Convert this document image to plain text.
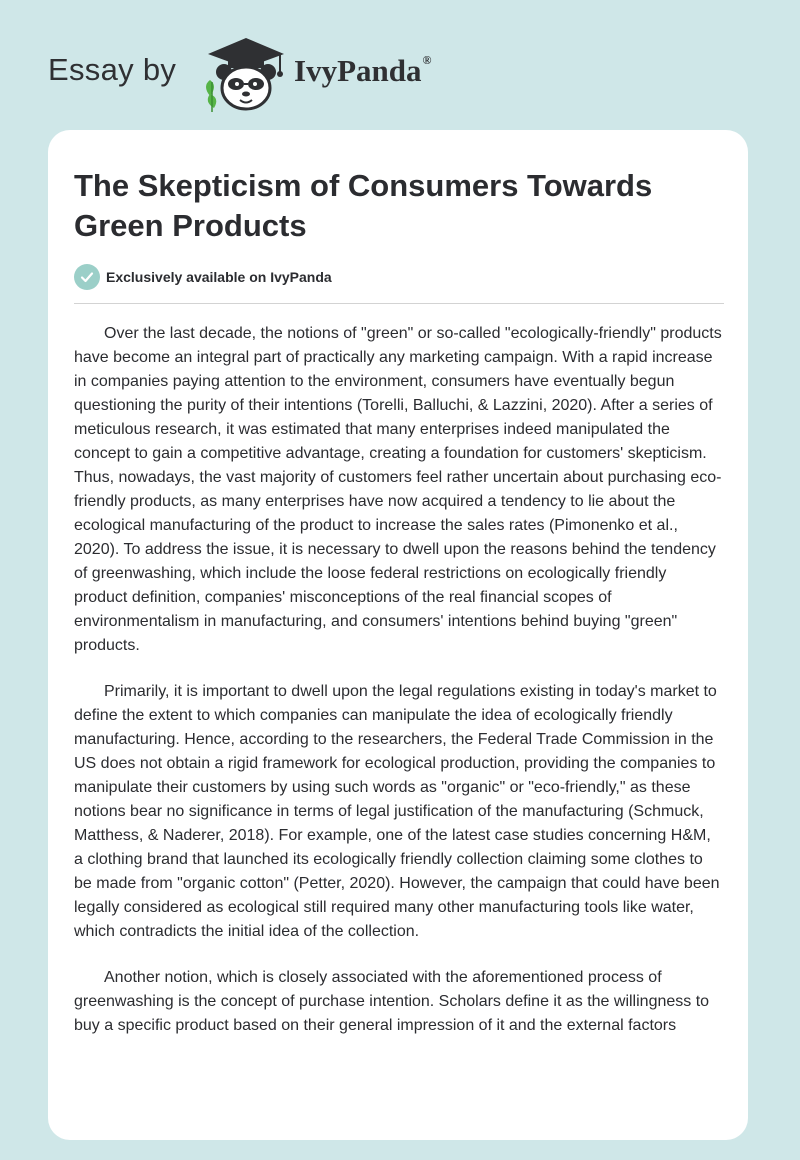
Essay by	IvyPanda®
The Skepticism of Consumers Towards Green Products
Exclusively available on IvyPanda

Over the last decade, the notions of "green" or so-called "ecologically-friendly" products have become an integral part of practically any marketing campaign. With a rapid increase in companies paying attention to the environment, consumers have eventually begun questioning the purity of their intentions (Torelli, Balluchi, & Lazzini, 2020). After a series of meticulous research, it was estimated that many enterprises indeed manipulated the concept to gain a competitive advantage, creating a foundation for customers' skepticism. Thus, nowadays, the vast majority of customers feel rather uncertain about purchasing eco-friendly products, as many enterprises have now acquired a tendency to lie about the ecological manufacturing of the product to increase the sales rates (Pimonenko et al., 2020). To address the issue, it is necessary to dwell upon the reasons behind the tendency of greenwashing, which include the loose federal restrictions on ecologically friendly product definition, companies' misconceptions of the real financial scopes of environmentalism in manufacturing, and consumers' intentions behind buying "green" products.

Primarily, it is important to dwell upon the legal regulations existing in today's market to define the extent to which companies can manipulate the idea of ecologically friendly manufacturing. Hence, according to the researchers, the Federal Trade Commission in the US does not obtain a rigid framework for ecological production, providing the companies to manipulate their customers by using such words as "organic" or "eco-friendly," as these notions bear no significance in terms of legal justification of the manufacturing (Schmuck, Matthess, & Naderer, 2018). For example, one of the latest case studies concerning H&M, a clothing brand that launched its ecologically friendly collection claiming some clothes to be made from "organic cotton" (Petter, 2020). However, the campaign that could have been legally considered as ecological still required many other manufacturing tools like water, which contradicts the initial idea of the collection.

Another notion, which is closely associated with the aforementioned process of greenwashing is the concept of purchase intention. Scholars define it as the willingness to buy a specific product based on their general impression of it and the external factors
